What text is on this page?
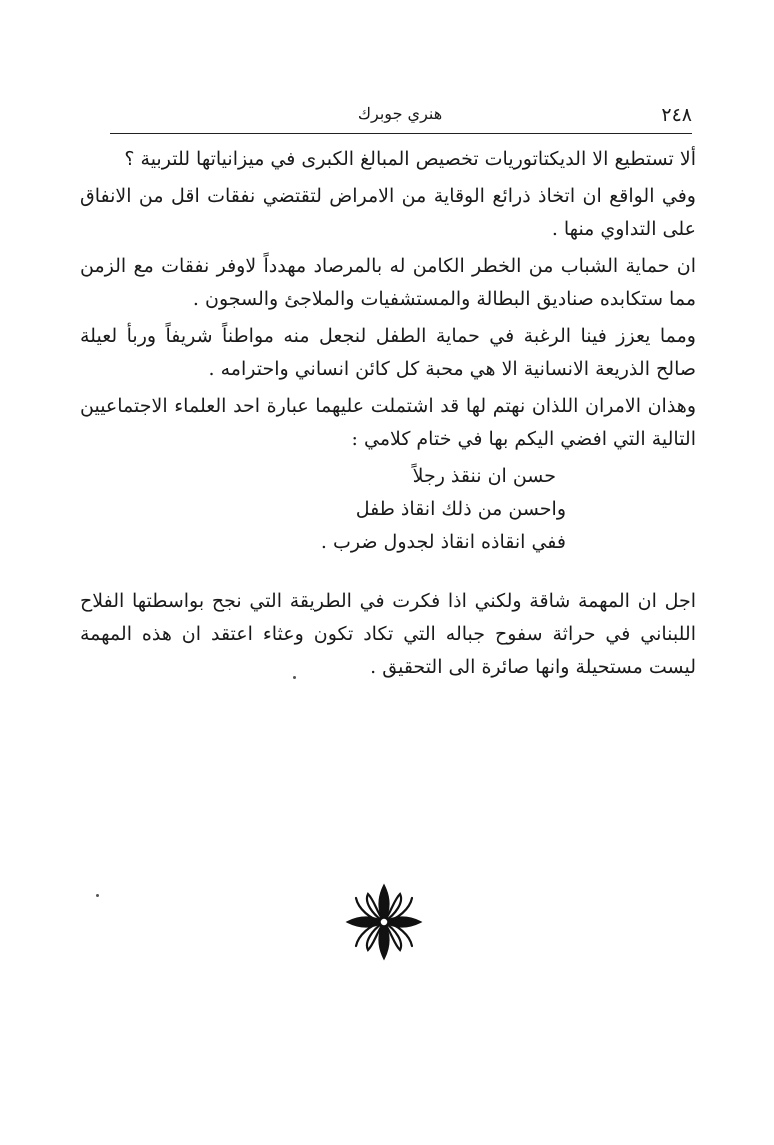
٢٤٨
هنري جوبرك

ألا تستطيع الا الديكتاتوريات تخصيص المبالغ الكبرى في ميزانياتها للتربية ؟

وفي الواقع ان اتخاذ ذرائع الوقاية من الامراض لتقتضي نفقات اقل من الانفاق على التداوي منها .

ان حماية الشباب من الخطر الكامن له بالمرصاد مهدداً لاوفر نفقات مع الزمن مما ستكابده صناديق البطالة والمستشفيات والملاجئ والسجون .

ومما يعزز فينا الرغبة في حماية الطفل لنجعل منه مواطناً شريفاً وربأ لعيلة صالح الذريعة الانسانية الا هي محبة كل كائن انساني واحترامه .

وهذان الامران اللذان نهتم لها قد اشتملت عليهما عبارة احد العلماء الاجتماعيين التالية التي افضي اليكم بها في ختام كلامي :

حسن ان ننقذ رجلاً
واحسن من ذلك انقاذ طفل
ففي انقاذه انقاذ لجدول ضرب .

اجل ان المهمة شاقة ولكني اذا فكرت في الطريقة التي نجح بواسطتها الفلاح اللبناني في حراثة سفوح جباله التي تكاد تكون وعثاء اعتقد ان هذه المهمة ليست مستحيلة وانها صائرة الى التحقيق .
